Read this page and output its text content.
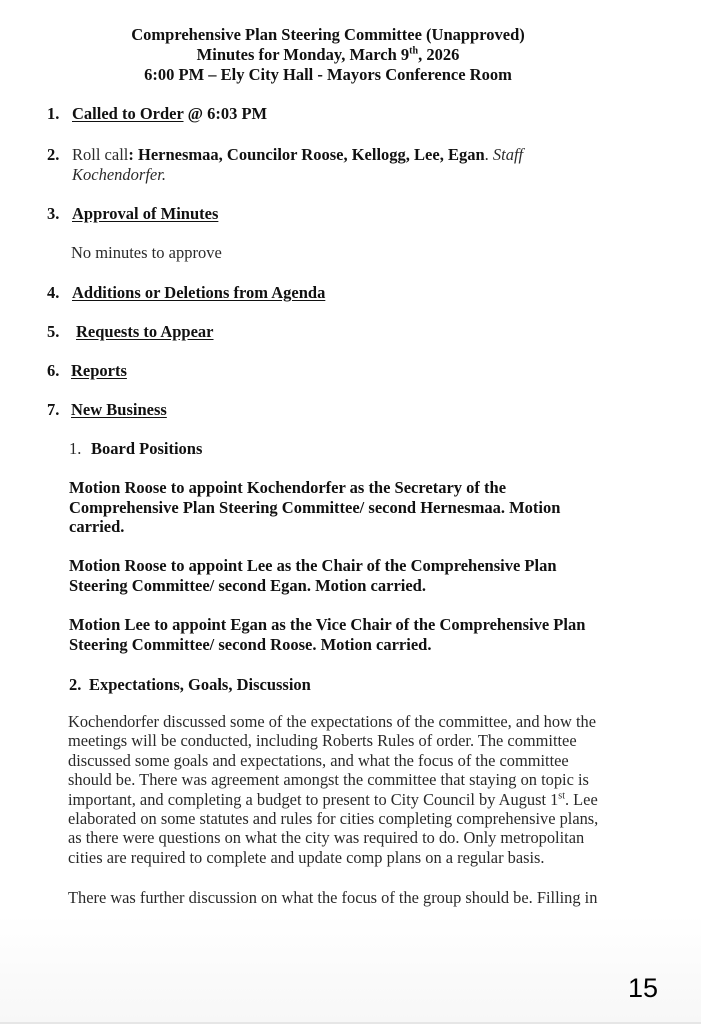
Comprehensive Plan Steering Committee (Unapproved)
Minutes for Monday, March 9th, 2026
6:00 PM – Ely City Hall - Mayors Conference Room
1. Called to Order @ 6:03 PM
2. Roll call: Hernesmaa, Councilor Roose, Kellogg, Lee, Egan. Staff
Kochendorfer.
3. Approval of Minutes
No minutes to approve
4. Additions or Deletions from Agenda
5. Requests to Appear
6. Reports
7. New Business
1. Board Positions
Motion Roose to appoint Kochendorfer as the Secretary of the
Comprehensive Plan Steering Committee/ second Hernesmaa. Motion
carried.
Motion Roose to appoint Lee as the Chair of the Comprehensive Plan
Steering Committee/ second Egan. Motion carried.
Motion Lee to appoint Egan as the Vice Chair of the Comprehensive Plan
Steering Committee/ second Roose. Motion carried.
2. Expectations, Goals, Discussion
Kochendorfer discussed some of the expectations of the committee, and how the
meetings will be conducted, including Roberts Rules of order. The committee
discussed some goals and expectations, and what the focus of the committee
should be. There was agreement amongst the committee that staying on topic is
important, and completing a budget to present to City Council by August 1st. Lee
elaborated on some statutes and rules for cities completing comprehensive plans,
as there were questions on what the city was required to do. Only metropolitan
cities are required to complete and update comp plans on a regular basis.
There was further discussion on what the focus of the group should be. Filling in
15
